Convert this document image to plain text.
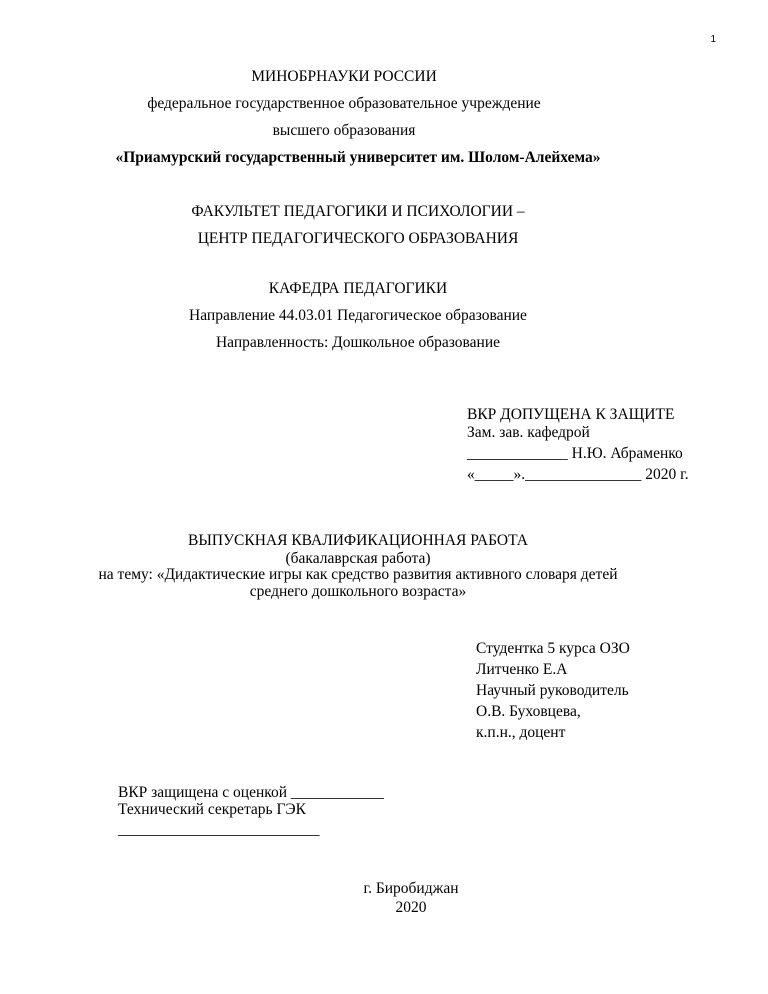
1
МИНОБРНАУКИ РОССИИ
федеральное государственное образовательное учреждение
высшего образования
«Приамурский государственный университет им. Шолом-Алейхема»
ФАКУЛЬТЕТ ПЕДАГОГИКИ И ПСИХОЛОГИИ –
ЦЕНТР ПЕДАГОГИЧЕСКОГО ОБРАЗОВАНИЯ
КАФЕДРА ПЕДАГОГИКИ
Направление 44.03.01 Педагогическое образование
Направленность: Дошкольное образование
ВКР ДОПУЩЕНА К ЗАЩИТЕ
Зам. зав. кафедрой
_____________ Н.Ю. Абраменко
«_____»._______________ 2020 г.
ВЫПУСКНАЯ КВАЛИФИКАЦИОННАЯ РАБОТА
(бакалаврская работа)
на тему: «Дидактические игры как средство развития активного словаря детей
среднего дошкольного возраста»
Студентка 5 курса ОЗО
Литченко Е.А
Научный руководитель
О.В. Буховцева,
к.п.н., доцент
ВКР защищена с оценкой ____________
Технический секретарь ГЭК
__________________________
г. Биробиджан
2020
